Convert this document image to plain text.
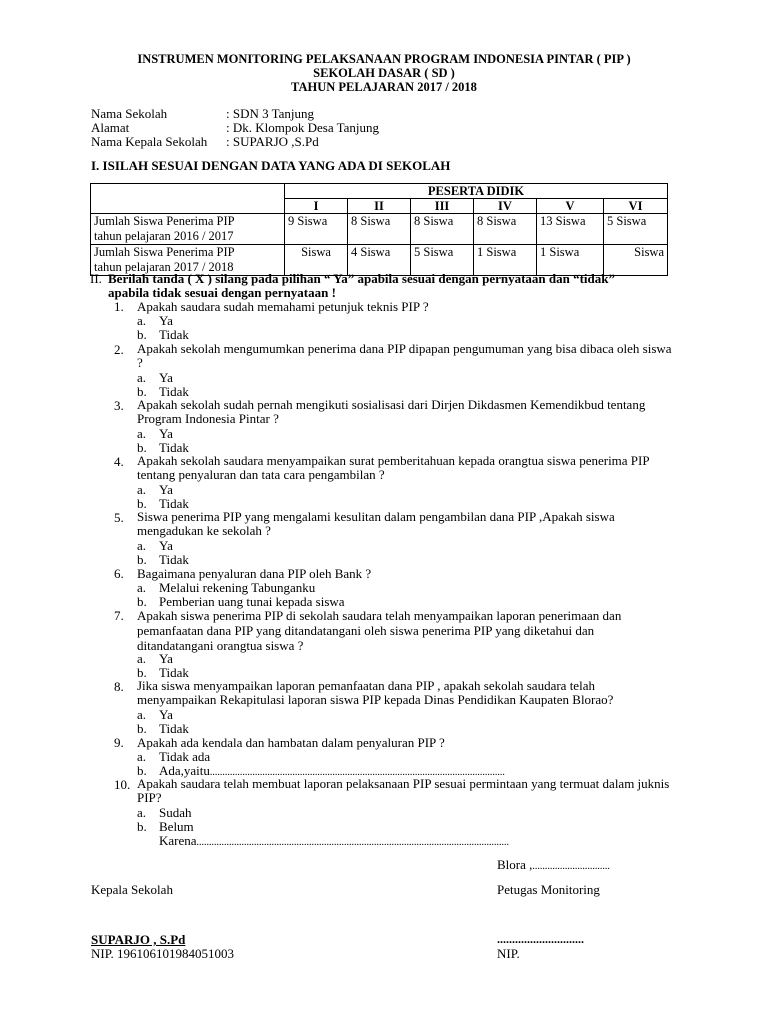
INSTRUMEN MONITORING PELAKSANAAN PROGRAM INDONESIA PINTAR ( PIP )
SEKOLAH DASAR ( SD )
TAHUN PELAJARAN 2017 / 2018
Nama Sekolah	: SDN 3 Tanjung
Alamat	: Dk. Klompok Desa Tanjung
Nama Kepala Sekolah : SUPARJO ,S.Pd
I. ISILAH SESUAI DENGAN DATA YANG ADA DI SEKOLAH
	PESERTA DIDIK					
	I	II	III	IV	V	VI

Jumlah Siswa Penerima PIP
tahun pelajaran 2016 / 2017	9 Siswa	8 Siswa	8 Siswa	8 Siswa	13 Siswa	5 Siswa

Jumlah Siswa Penerima PIP
tahun pelajaran 2017 / 2018	Siswa	4 Siswa	5 Siswa	1 Siswa	1 Siswa	Siswa
II. Berilah tanda ( X ) silang pada pilihan “ Ya” apabila sesuai dengan pernyataan dan “tidak”
apabila tidak sesuai dengan pernyataan !
1. Apakah saudara sudah memahami petunjuk teknis PIP ?
a. Ya
b. Tidak
2. Apakah sekolah mengumumkan penerima dana PIP dipapan pengumuman yang bisa dibaca oleh siswa ?
a. Ya
b. Tidak
3. Apakah sekolah sudah pernah mengikuti sosialisasi dari Dirjen Dikdasmen Kemendikbud tentang Program Indonesia Pintar ?
a. Ya
b. Tidak
4. Apakah sekolah saudara menyampaikan surat pemberitahuan kepada orangtua siswa penerima PIP tentang penyaluran dan tata cara pengambilan ?
a. Ya
b. Tidak
5. Siswa penerima PIP yang mengalami kesulitan dalam pengambilan dana PIP ,Apakah siswa mengadukan ke sekolah ?
a. Ya
b. Tidak
6. Bagaimana penyaluran dana PIP oleh Bank ?
a. Melalui rekening Tabunganku
b. Pemberian uang tunai kepada siswa
7. Apakah siswa penerima PIP di sekolah saudara telah menyampaikan laporan penerimaan dan pemanfaatan dana PIP yang ditandatangani oleh siswa penerima PIP yang diketahui dan ditandatangani orangtua siswa ?
a. Ya
b. Tidak
8. Jika siswa menyampaikan laporan pemanfaatan dana PIP , apakah sekolah saudara telah menyampaikan Rekapitulasi laporan siswa PIP kepada Dinas Pendidikan Kaupaten Blorao?
a. Ya
b. Tidak
9. Apakah ada kendala dan hambatan dalam penyaluran PIP ?
a. Tidak ada
b. Ada,yaitu......................................................................................................................
10. Apakah saudara telah membuat laporan pelaksanaan PIP sesuai permintaan yang termuat dalam juknis PIP?
a. Sudah
b. Belum
Karena.............................................................................................................................
Blora ,...............................
Kepala Sekolah	Petugas Monitoring
SUPARJO , S.Pd	.............................
NIP. 196106101984051003	NIP.
